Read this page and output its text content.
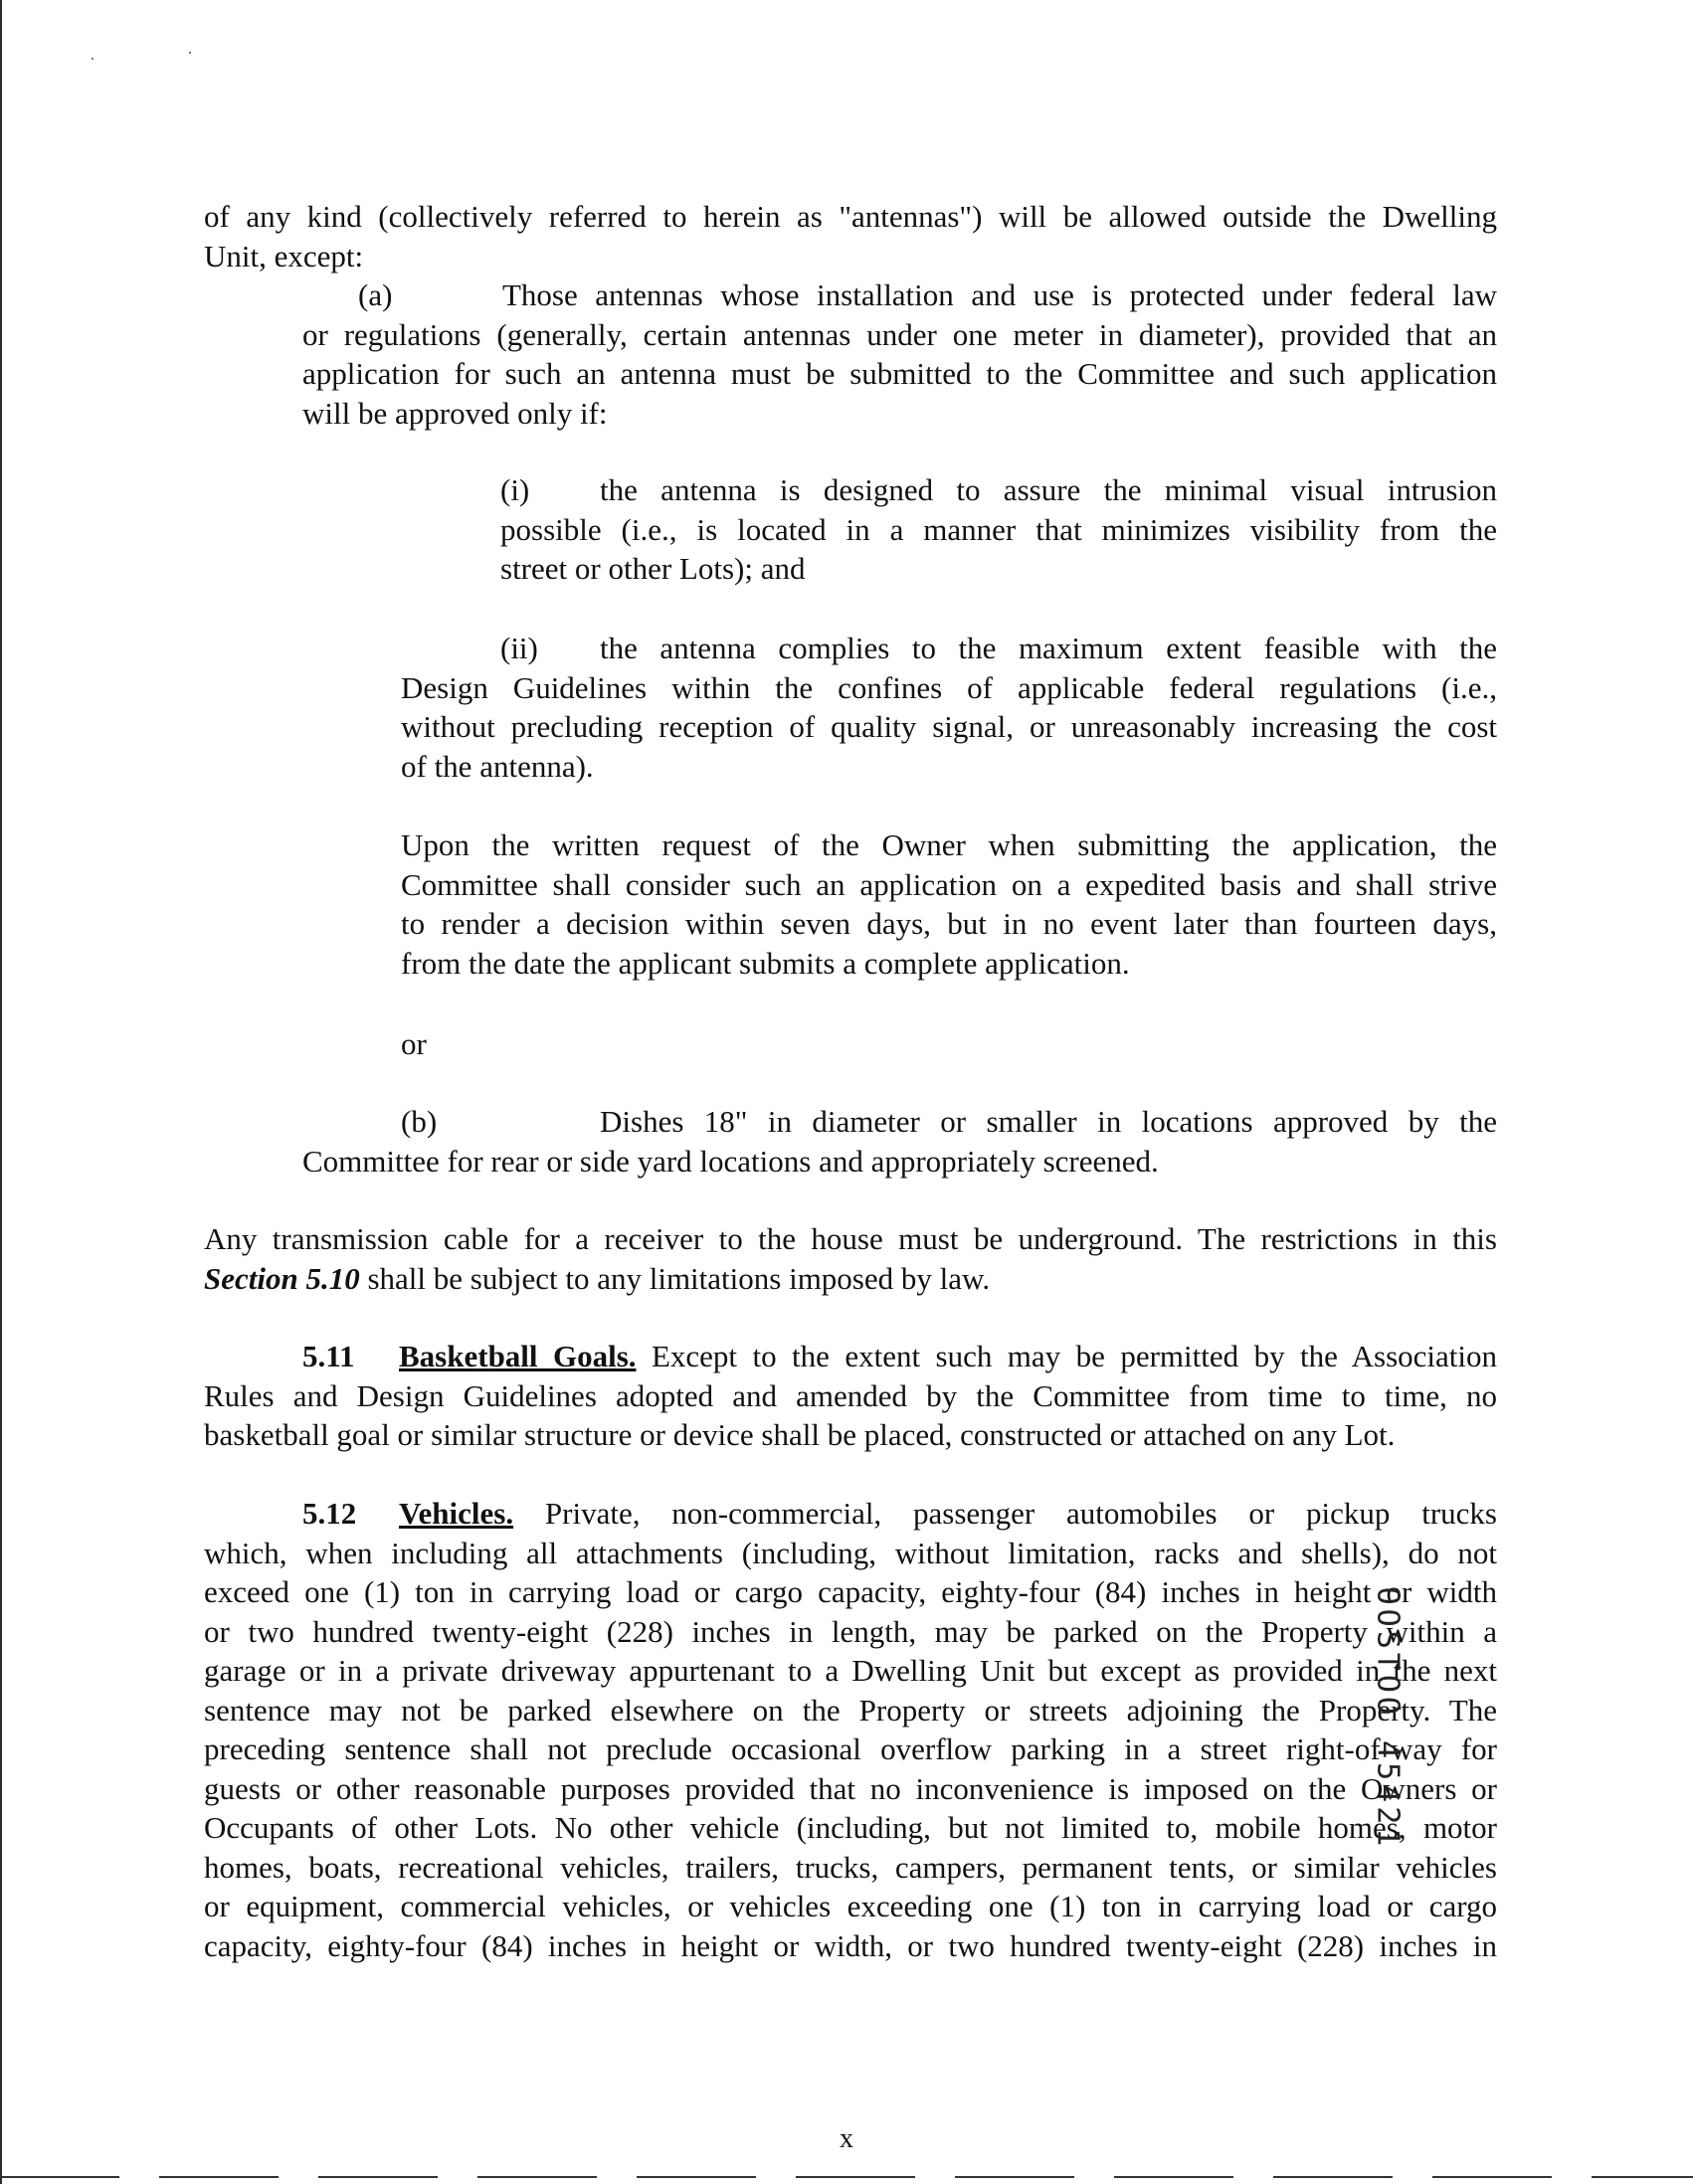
of any kind (collectively referred to herein as "antennas") will be allowed outside the Dwelling
Unit, except:
(a)	Those antennas whose installation and use is protected under federal law
or regulations (generally, certain antennas under one meter in diameter), provided that an
application for such an antenna must be submitted to the Committee and such application
will be approved only if:
(i) the antenna is designed to assure the minimal visual intrusion
possible (i.e., is located in a manner that minimizes visibility from the
street or other Lots); and
(ii) the antenna complies to the maximum extent feasible with the
Design Guidelines within the confines of applicable federal regulations (i.e.,
without precluding reception of quality signal, or unreasonably increasing the cost
of the antenna).
Upon the written request of the Owner when submitting the application, the
Committee shall consider such an application on a expedited basis and shall strive
to render a decision within seven days, but in no event later than fourteen days,
from the date the applicant submits a complete application.
or
(b)	Dishes 18" in diameter or smaller in locations approved by the
Committee for rear or side yard locations and appropriately screened.
Any transmission cable for a receiver to the house must be underground. The restrictions in this
Section 5.10 shall be subject to any limitations imposed by law.
5.11 Basketball Goals. Except to the extent such may be permitted by the Association
Rules and Design Guidelines adopted and amended by the Committee from time to time, no
basketball goal or similar structure or device shall be placed, constructed or attached on any Lot.
5.12 Vehicles. Private, non-commercial, passenger automobiles or pickup trucks
which, when including all attachments (including, without limitation, racks and shells), do not
exceed one (1) ton in carrying load or cargo capacity, eighty-four (84) inches in height or width
or two hundred twenty-eight (228) inches in length, may be parked on the Property within a
garage or in a private driveway appurtenant to a Dwelling Unit but except as provided in the next
sentence may not be parked elsewhere on the Property or streets adjoining the Property. The
preceding sentence shall not preclude occasional overflow parking in a street right-of-way for
guests or other reasonable purposes provided that no inconvenience is imposed on the Owners or
Occupants of other Lots. No other vehicle (including, but not limited to, mobile homes, motor
homes, boats, recreational vehicles, trailers, trucks, campers, permanent tents, or similar vehicles
or equipment, commercial vehicles, or vehicles exceeding one (1) ton in carrying load or cargo
capacity, eighty-four (84) inches in height or width, or two hundred twenty-eight (228) inches in
OOSTOO 45421
x
